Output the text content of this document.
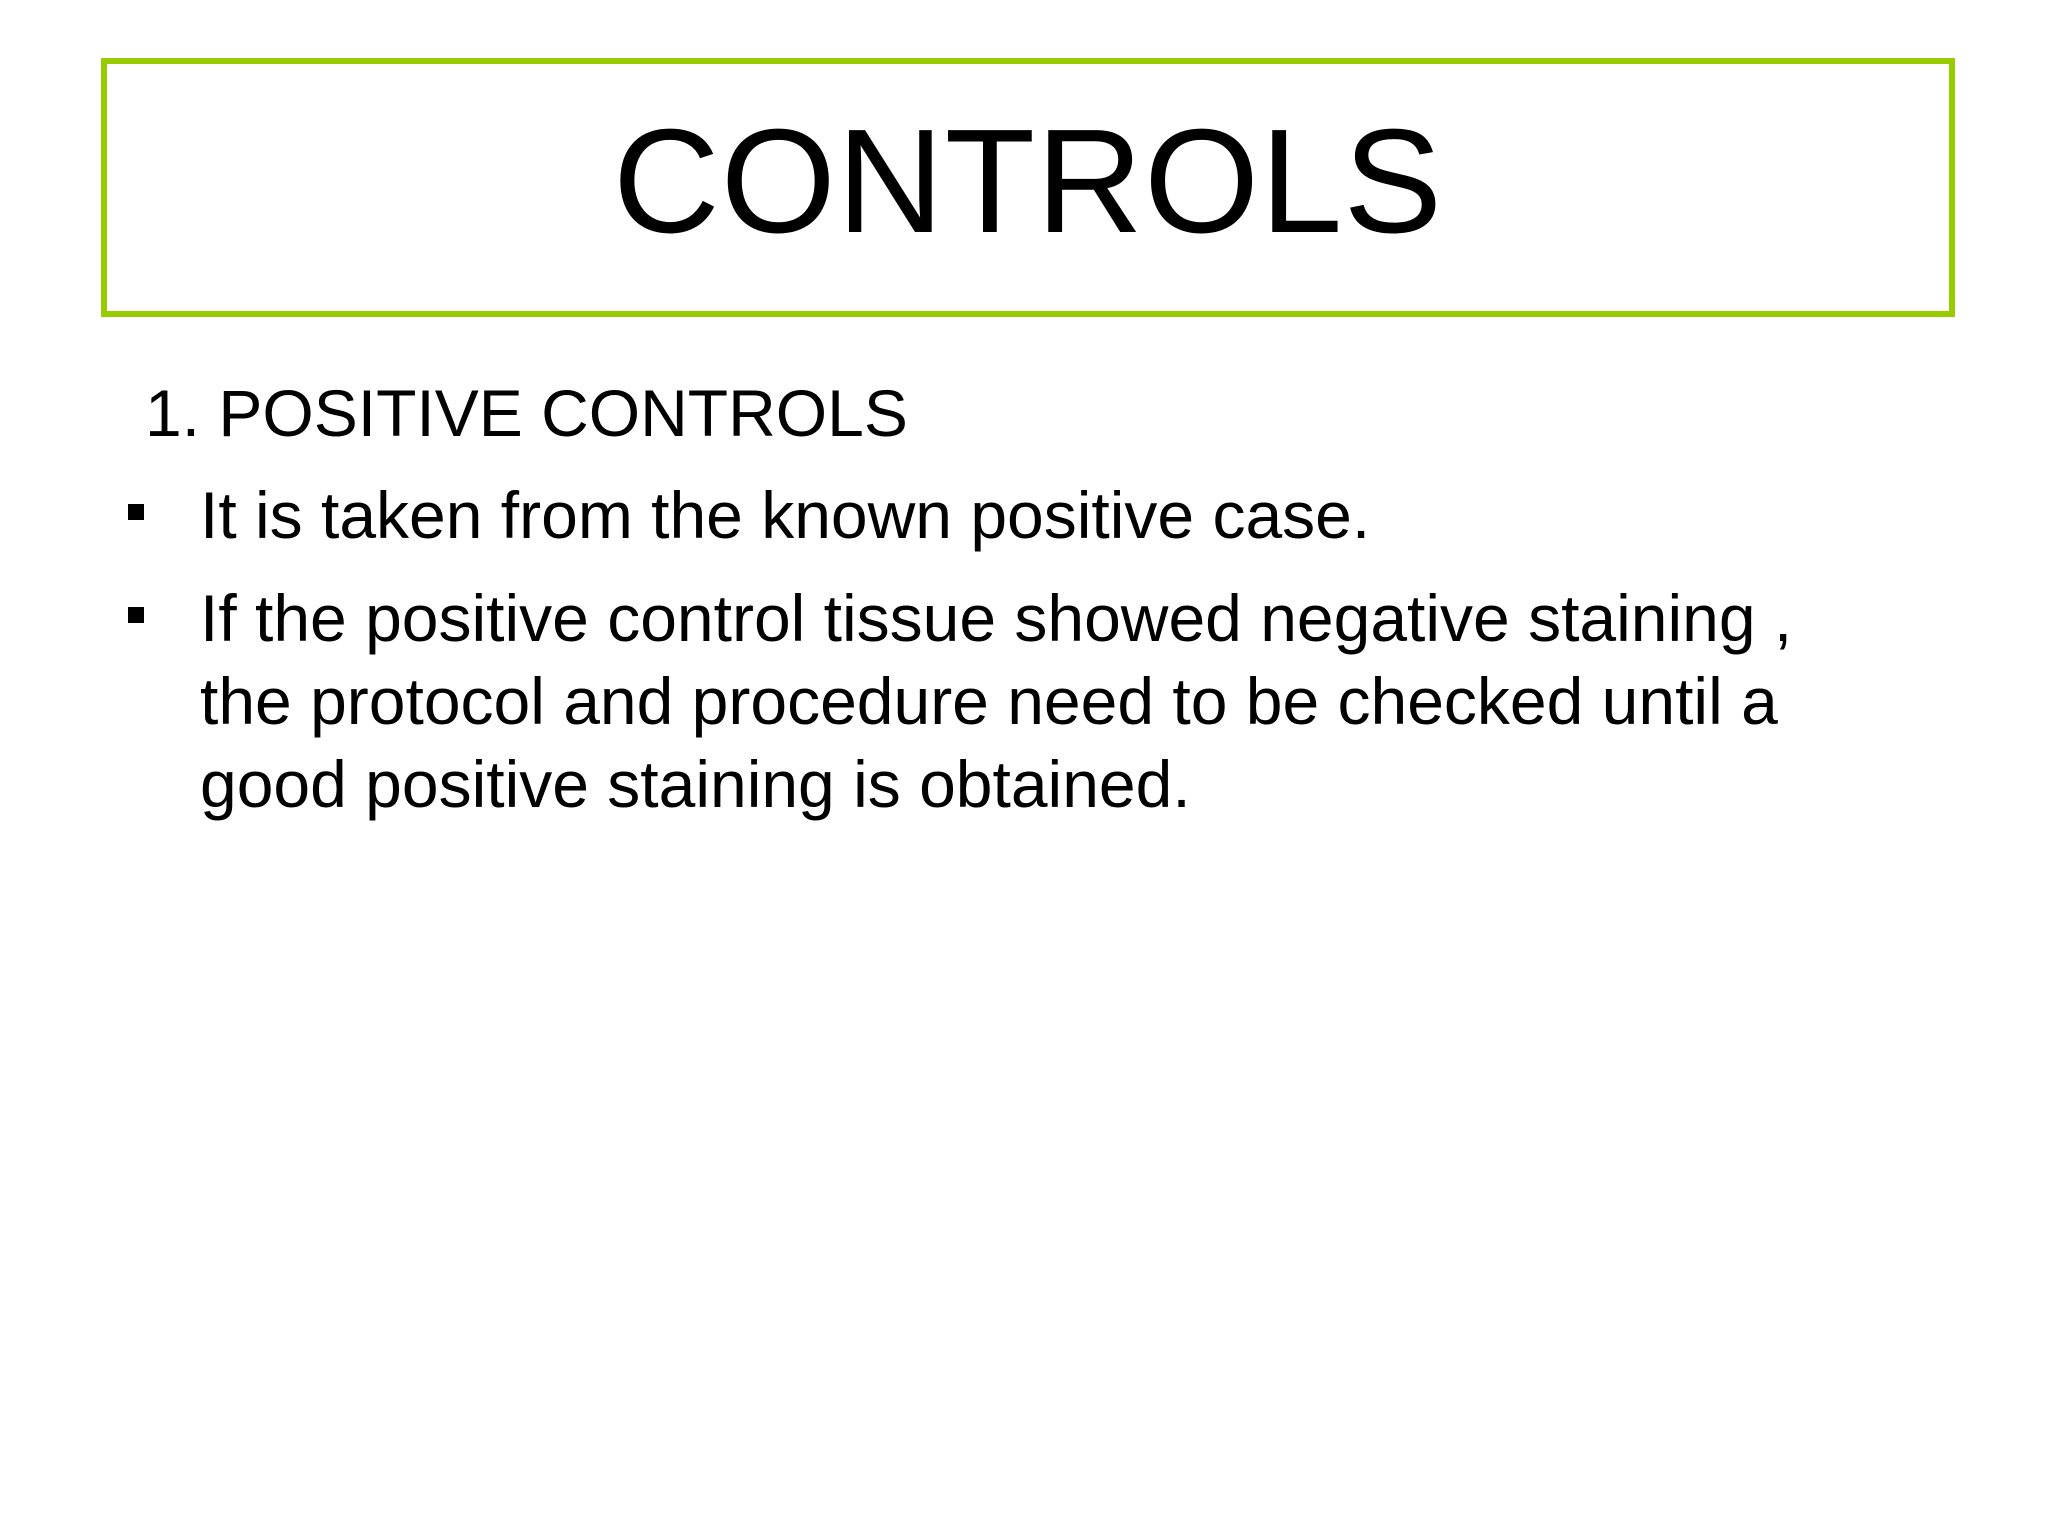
CONTROLS
1. POSITIVE CONTROLS
It is taken from the known positive case.
If the positive control tissue showed negative staining , the protocol and procedure need to be checked until a good positive staining is obtained.
